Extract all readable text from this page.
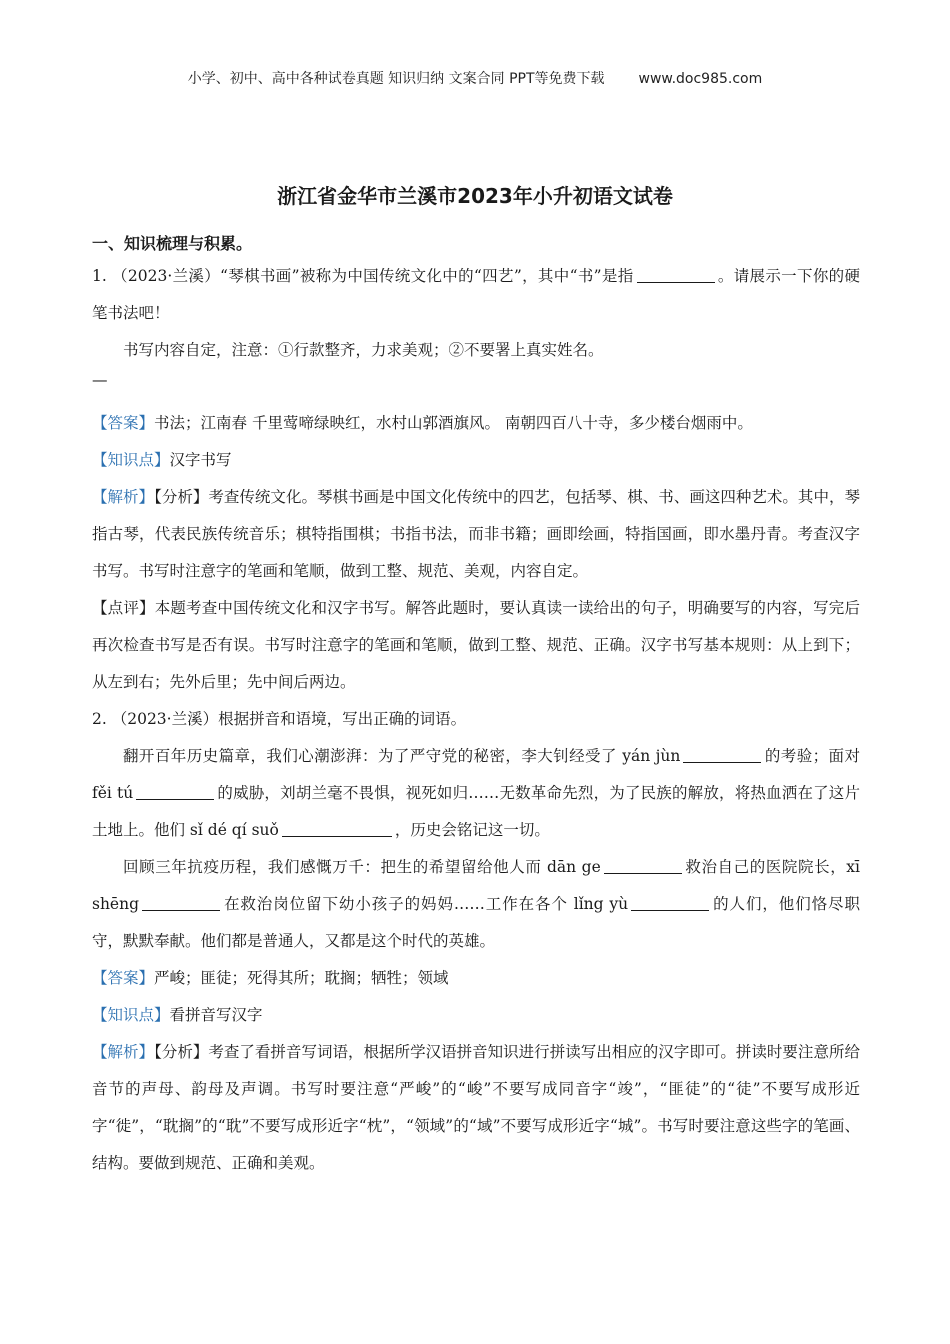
小学、初中、高中各种试卷真题 知识归纳 文案合同 PPT等免费下载 www.doc985.com
浙江省金华市兰溪市2023年小升初语文试卷
一、知识梳理与积累。

1. （2023·兰溪）“琴棋书画”被称为中国传统文化中的“四艺”，其中“书”是指	。请展示一下你的硬笔书法吧！

书写内容自定，注意：①行款整齐，力求美观；②不要署上真实姓名。

—

【答案】书法；江南春 千里莺啼绿映红，水村山郭酒旗风。 南朝四百八十寺，多少楼台烟雨中。

【知识点】汉字书写

【解析】【分析】考查传统文化。琴棋书画是中国文化传统中的四艺，包括琴、棋、书、画这四种艺术。其中，琴指古琴，代表民族传统音乐；棋特指围棋；书指书法，而非书籍；画即绘画，特指国画，即水墨丹青。考查汉字书写。书写时注意字的笔画和笔顺，做到工整、规范、美观，内容自定。

【点评】本题考查中国传统文化和汉字书写。解答此题时，要认真读一读给出的句子，明确要写的内容，写完后再次检查书写是否有误。书写时注意字的笔画和笔顺，做到工整、规范、正确。汉字书写基本规则：从上到下；从左到右；先外后里；先中间后两边。

2. （2023·兰溪）根据拼音和语境，写出正确的词语。

翻开百年历史篇章，我们心潮澎湃：为了严守党的秘密，李大钊经受了 yán jùn	的考验；面对 fěi tú	的威胁，刘胡兰毫不畏惧，视死如归……无数革命先烈，为了民族的解放，将热血洒在了这片土地上。他们 sǐ dé qí suǒ	，历史会铭记这一切。

回顾三年抗疫历程，我们感慨万千：把生的希望留给他人而 dān ge	救治自己的医院院长，xī shēng	在救治岗位留下幼小孩子的妈妈……工作在各个 lǐng yù	的人们，他们恪尽职守，默默奉献。他们都是普通人，又都是这个时代的英雄。

【答案】严峻；匪徒；死得其所；耽搁；牺牲；领域

【知识点】看拼音写汉字

【解析】【分析】考查了看拼音写词语，根据所学汉语拼音知识进行拼读写出相应的汉字即可。拼读时要注意所给音节的声母、韵母及声调。书写时要注意“严峻”的“峻”不要写成同音字“竣”，“匪徒”的“徒”不要写成形近字“徙”，“耽搁”的“耽”不要写成形近字“枕”，“领域”的“域”不要写成形近字“城”。书写时要注意这些字的笔画、结构。要做到规范、正确和美观。
